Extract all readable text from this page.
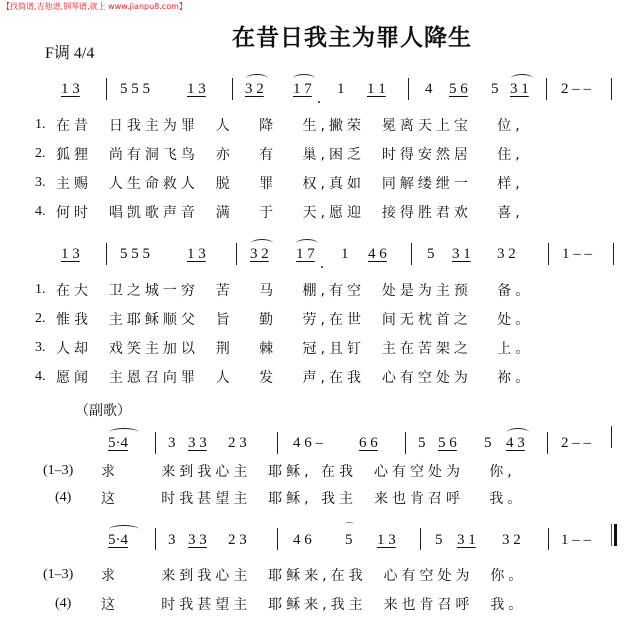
【找简谱,吉他谱,钢琴谱,就上 www.jianpu8.com】
在昔日我主为罪人降生
F调 4/4
1 3	5 5 5 1 3	3 2 1 7 1 1 1	4 5 6 5 3 1 2 – –
1. 在昔  日我主为罪  人   降   生,撇荣  冕离天上宝   位,
2. 狐狸  尚有洞飞鸟  亦   有   巢,困乏  时得安然居   住,
3. 主赐  人生命救人  脱   罪   权,真如  同解缕绁一   样,
4. 何时  唱凯歌声音  满   于   天,愿迎  接得胜君欢   喜,
1 3	5 5 5 1 3	3 2 1 7 1 4 6	5 3 1 3 2	1 – –
1. 在大  卫之城一穷  苦   马   棚,有空  处是为主预   备。
2. 惟我  主耶稣顺父  旨   勤   劳,在世  间无枕首之   处。
3. 人却  戏笑主加以  荆   棘   冠,且钉  主在苦架之   上。
4. 愿闻  主恩召向罪  人   发   声,在我  心有空处为   祢。
（副歌）
5·4	3 3 3 2 3	4 6 – 6 6	5 5 6 5 4 3 2 – –
(1–3) 求     来到我心主  耶稣, 在我  心有空处为   你,
(4) 这     时我甚望主  耶稣, 我主  来也肯召呼   我。
5·4	3 3 3 2 3	4 6
⌒
5 1 3	5 3 1 3 2	1 – –
(1–3) 求     来到我心主  耶稣来,在我  心有空处为  你。
(4) 这     时我甚望主  耶稣来,我主  来也肯召呼  我。
